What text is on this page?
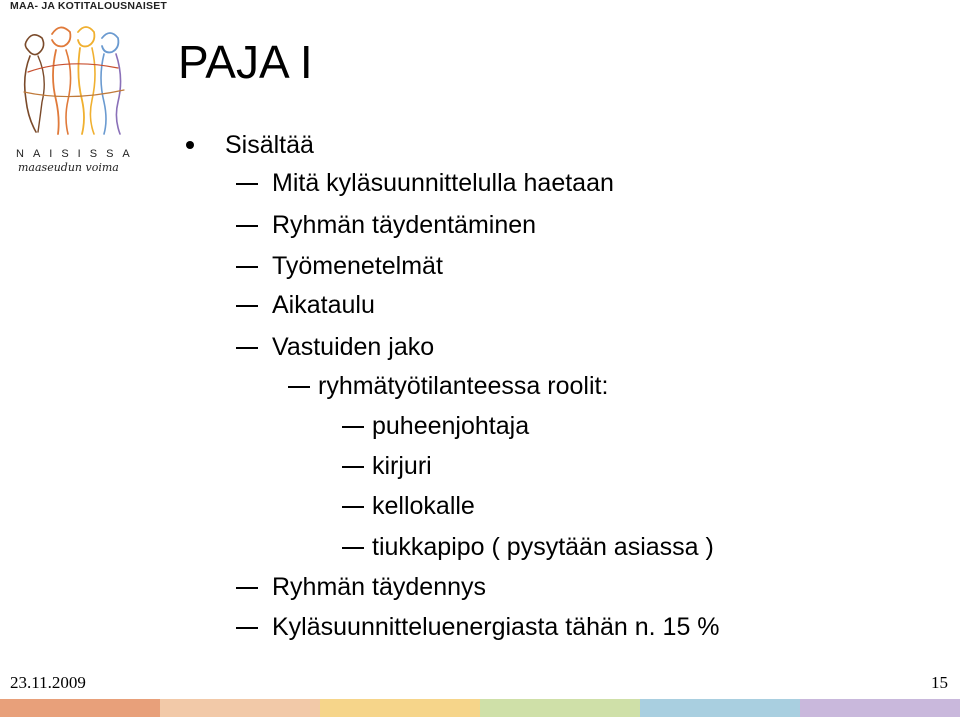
MAA- JA KOTITALOUSNAISET
NAISISSA
maaseudun voima
PAJA I
Sisältää
Mitä kyläsuunnittelulla haetaan
Ryhmän täydentäminen
Työmenetelmät
Aikataulu
Vastuiden jako
ryhmätyötilanteessa roolit:
puheenjohtaja
kirjuri
kellokalle
tiukkapipo ( pysytään asiassa )
Ryhmän täydennys
Kyläsuunnitteluenergiasta tähän n. 15 %
23.11.2009	15
